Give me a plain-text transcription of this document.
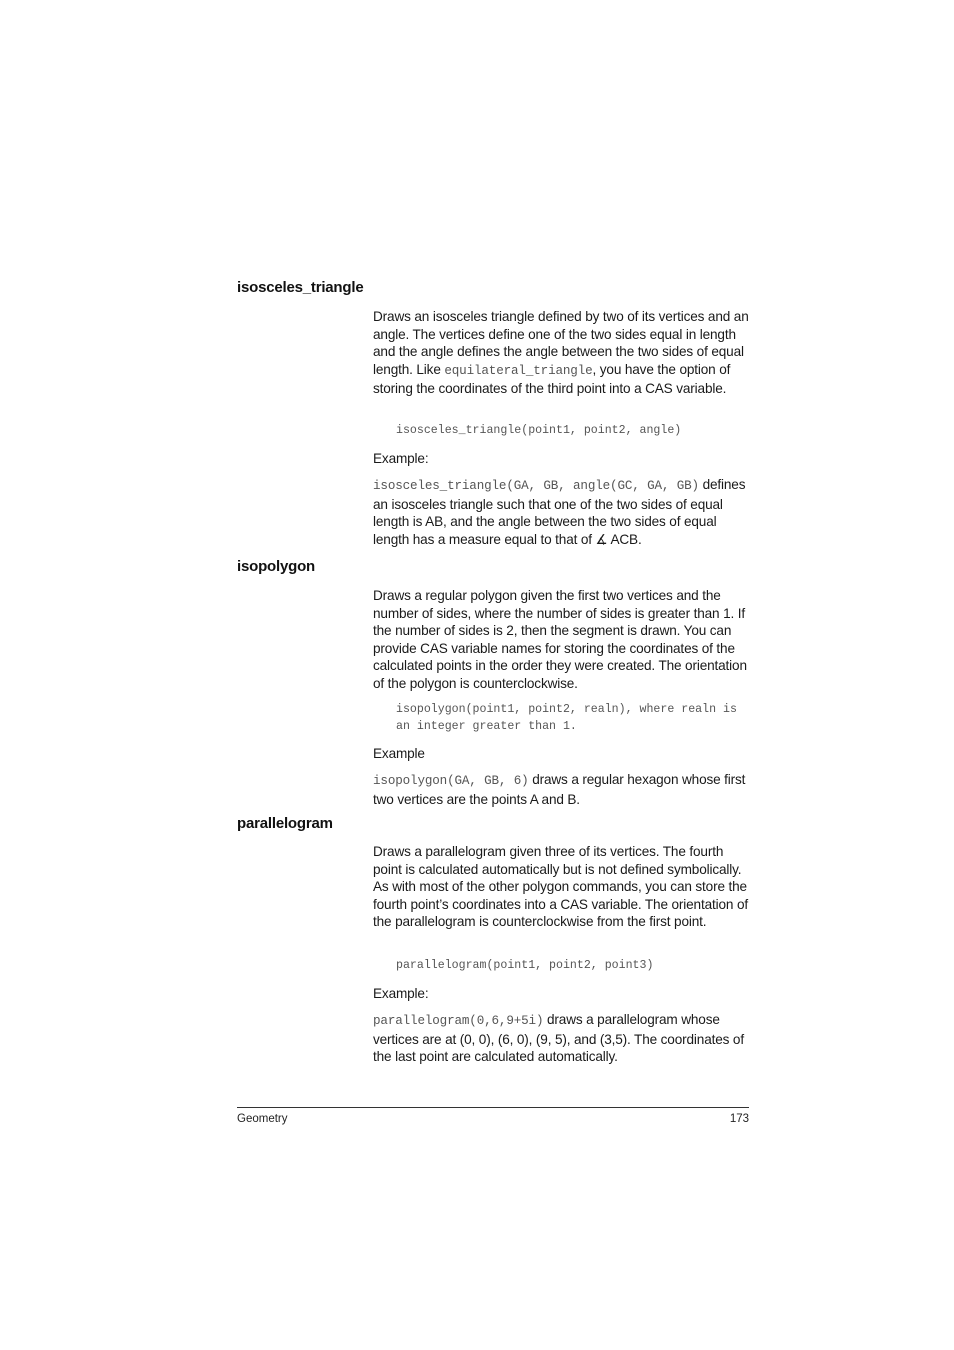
isosceles_triangle
Draws an isosceles triangle defined by two of its vertices and an angle. The vertices define one of the two sides equal in length and the angle defines the angle between the two sides of equal length. Like equilateral_triangle, you have the option of storing the coordinates of the third point into a CAS variable.
isosceles_triangle(point1, point2, angle)
Example:
isosceles_triangle(GA, GB, angle(GC, GA, GB) defines an isosceles triangle such that one of the two sides of equal length is AB, and the angle between the two sides of equal length has a measure equal to that of ∡ ACB.
isopolygon
Draws a regular polygon given the first two vertices and the number of sides, where the number of sides is greater than 1. If the number of sides is 2, then the segment is drawn. You can provide CAS variable names for storing the coordinates of the calculated points in the order they were created. The orientation of the polygon is counterclockwise.
isopolygon(point1, point2, realn), where realn is an integer greater than 1.
Example
isopolygon(GA, GB, 6) draws a regular hexagon whose first two vertices are the points A and B.
parallelogram
Draws a parallelogram given three of its vertices. The fourth point is calculated automatically but is not defined symbolically. As with most of the other polygon commands, you can store the fourth point’s coordinates into a CAS variable. The orientation of the parallelogram is counterclockwise from the first point.
parallelogram(point1, point2, point3)
Example:
parallelogram(0,6,9+5i) draws a parallelogram whose vertices are at (0, 0), (6, 0), (9, 5), and (3,5). The coordinates of the last point are calculated automatically.
Geometry	173
